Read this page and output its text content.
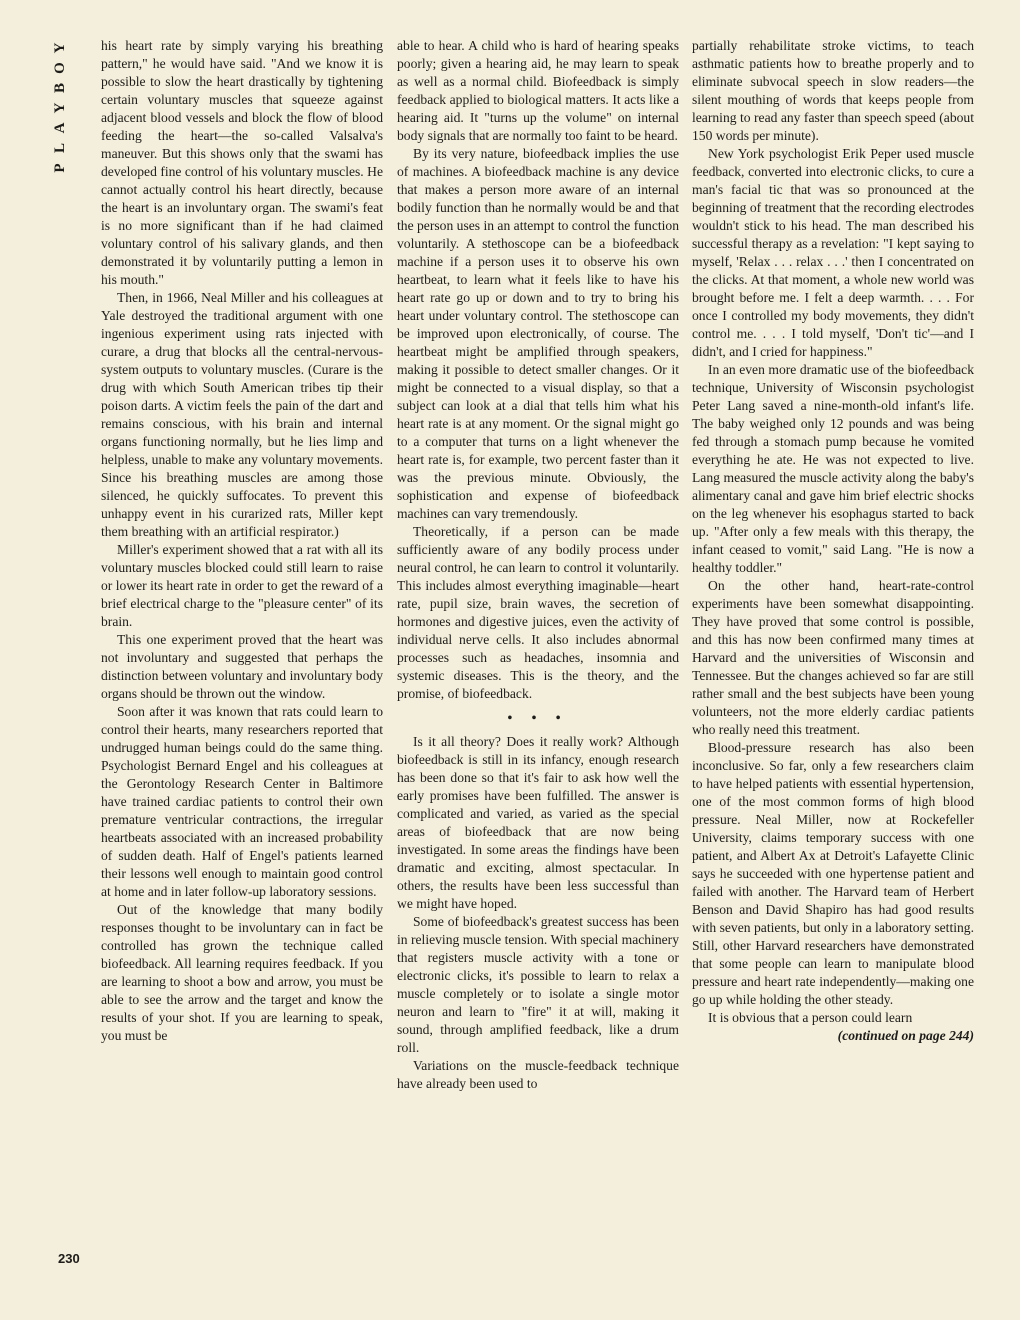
Y
O
B
Y
A
L
P
230

his heart rate by simply varying his breathing pattern," he would have said. "And we know it is possible to slow the heart drastically by tightening certain voluntary muscles that squeeze against adjacent blood vessels and block the flow of blood feeding the heart—the so-called Valsalva's maneuver. But this shows only that the swami has developed fine control of his voluntary muscles. He cannot actually control his heart directly, because the heart is an involuntary organ. The swami's feat is no more significant than if he had claimed voluntary control of his salivary glands, and then demonstrated it by voluntarily putting a lemon in his mouth."

Then, in 1966, Neal Miller and his colleagues at Yale destroyed the traditional argument with one ingenious experiment using rats injected with curare, a drug that blocks all the central-nervous-system outputs to voluntary muscles. (Curare is the drug with which South American tribes tip their poison darts. A victim feels the pain of the dart and remains conscious, with his brain and internal organs functioning normally, but he lies limp and helpless, unable to make any voluntary movements. Since his breathing muscles are among those silenced, he quickly suffocates. To prevent this unhappy event in his curarized rats, Miller kept them breathing with an artificial respirator.)

Miller's experiment showed that a rat with all its voluntary muscles blocked could still learn to raise or lower its heart rate in order to get the reward of a brief electrical charge to the "pleasure center" of its brain.

This one experiment proved that the heart was not involuntary and suggested that perhaps the distinction between voluntary and involuntary body organs should be thrown out the window.

Soon after it was known that rats could learn to control their hearts, many researchers reported that undrugged human beings could do the same thing. Psychologist Bernard Engel and his colleagues at the Gerontology Research Center in Baltimore have trained cardiac patients to control their own premature ventricular contractions, the irregular heartbeats associated with an increased probability of sudden death. Half of Engel's patients learned their lessons well enough to maintain good control at home and in later follow-up laboratory sessions.

Out of the knowledge that many bodily responses thought to be involuntary can in fact be controlled has grown the technique called biofeedback. All learning requires feedback. If you are learning to shoot a bow and arrow, you must be able to see the arrow and the target and know the results of your shot. If you are learning to speak, you must be

able to hear. A child who is hard of hearing speaks poorly; given a hearing aid, he may learn to speak as well as a normal child. Biofeedback is simply feedback applied to biological matters. It acts like a hearing aid. It "turns up the volume" on internal body signals that are normally too faint to be heard.

By its very nature, biofeedback implies the use of machines. A biofeedback machine is any device that makes a person more aware of an internal bodily function than he normally would be and that the person uses in an attempt to control the function voluntarily. A stethoscope can be a biofeedback machine if a person uses it to observe his own heartbeat, to learn what it feels like to have his heart rate go up or down and to try to bring his heart under voluntary control. The stethoscope can be improved upon electronically, of course. The heartbeat might be amplified through speakers, making it possible to detect smaller changes. Or it might be connected to a visual display, so that a subject can look at a dial that tells him what his heart rate is at any moment. Or the signal might go to a computer that turns on a light whenever the heart rate is, for example, two percent faster than it was the previous minute. Obviously, the sophistication and expense of biofeedback machines can vary tremendously.

Theoretically, if a person can be made sufficiently aware of any bodily process under neural control, he can learn to control it voluntarily. This includes almost everything imaginable—heart rate, pupil size, brain waves, the secretion of hormones and digestive juices, even the activity of individual nerve cells. It also includes abnormal processes such as headaches, insomnia and systemic diseases. This is the theory, and the promise, of biofeedback.

• • •

Is it all theory? Does it really work? Although biofeedback is still in its infancy, enough research has been done so that it's fair to ask how well the early promises have been fulfilled. The answer is complicated and varied, as varied as the special areas of biofeedback that are now being investigated. In some areas the findings have been dramatic and exciting, almost spectacular. In others, the results have been less successful than we might have hoped.

Some of biofeedback's greatest success has been in relieving muscle tension. With special machinery that registers muscle activity with a tone or electronic clicks, it's possible to learn to relax a muscle completely or to isolate a single motor neuron and learn to "fire" it at will, making it sound, through amplified feedback, like a drum roll.

Variations on the muscle-feedback technique have already been used to

partially rehabilitate stroke victims, to teach asthmatic patients how to breathe properly and to eliminate subvocal speech in slow readers—the silent mouthing of words that keeps people from learning to read any faster than speech speed (about 150 words per minute).

New York psychologist Erik Peper used muscle feedback, converted into electronic clicks, to cure a man's facial tic that was so pronounced at the beginning of treatment that the recording electrodes wouldn't stick to his head. The man described his successful therapy as a revelation: "I kept saying to myself, 'Relax . . . relax . . .' then I concentrated on the clicks. At that moment, a whole new world was brought before me. I felt a deep warmth. . . . For once I controlled my body movements, they didn't control me. . . . I told myself, 'Don't tic'—and I didn't, and I cried for happiness."

In an even more dramatic use of the biofeedback technique, University of Wisconsin psychologist Peter Lang saved a nine-month-old infant's life. The baby weighed only 12 pounds and was being fed through a stomach pump because he vomited everything he ate. He was not expected to live. Lang measured the muscle activity along the baby's alimentary canal and gave him brief electric shocks on the leg whenever his esophagus started to back up. "After only a few meals with this therapy, the infant ceased to vomit," said Lang. "He is now a healthy toddler."

On the other hand, heart-rate-control experiments have been somewhat disappointing. They have proved that some control is possible, and this has now been confirmed many times at Harvard and the universities of Wisconsin and Tennessee. But the changes achieved so far are still rather small and the best subjects have been young volunteers, not the more elderly cardiac patients who really need this treatment.

Blood-pressure research has also been inconclusive. So far, only a few researchers claim to have helped patients with essential hypertension, one of the most common forms of high blood pressure. Neal Miller, now at Rockefeller University, claims temporary success with one patient, and Albert Ax at Detroit's Lafayette Clinic says he succeeded with one hypertense patient and failed with another. The Harvard team of Herbert Benson and David Shapiro has had good results with seven patients, but only in a laboratory setting. Still, other Harvard researchers have demonstrated that some people can learn to manipulate blood pressure and heart rate independently—making one go up while holding the other steady.

It is obvious that a person could learn

(continued on page 244)
